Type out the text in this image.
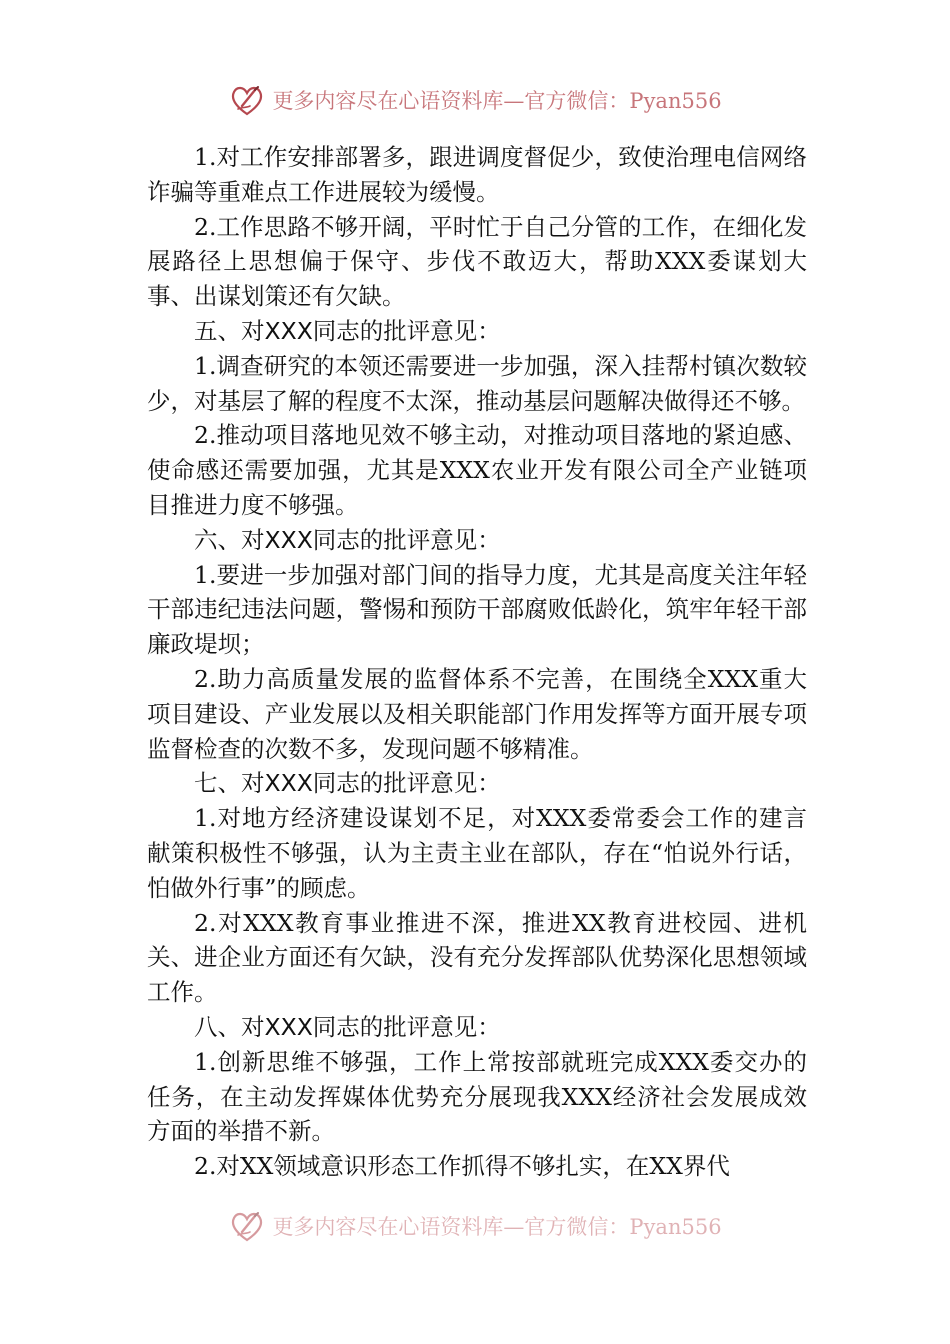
更多内容尽在心语资料库—官方微信：Pyan556

1.对工作安排部署多，跟进调度督促少，致使治理电信网络诈骗等重难点工作进展较为缓慢。

2.工作思路不够开阔，平时忙于自己分管的工作，在细化发展路径上思想偏于保守、步伐不敢迈大，帮助XXX委谋划大事、出谋划策还有欠缺。

五、对XXX同志的批评意见：

1.调查研究的本领还需要进一步加强，深入挂帮村镇次数较少，对基层了解的程度不太深，推动基层问题解决做得还不够。

2.推动项目落地见效不够主动，对推动项目落地的紧迫感、使命感还需要加强，尤其是XXX农业开发有限公司全产业链项目推进力度不够强。

六、对XXX同志的批评意见：

1.要进一步加强对部门间的指导力度，尤其是高度关注年轻干部违纪违法问题，警惕和预防干部腐败低龄化，筑牢年轻干部廉政堤坝；

2.助力高质量发展的监督体系不完善，在围绕全XXX重大项目建设、产业发展以及相关职能部门作用发挥等方面开展专项监督检查的次数不多，发现问题不够精准。

七、对XXX同志的批评意见：

1.对地方经济建设谋划不足，对XXX委常委会工作的建言献策积极性不够强，认为主责主业在部队，存在“怕说外行话，怕做外行事”的顾虑。

2.对XXX教育事业推进不深，推进XX教育进校园、进机关、进企业方面还有欠缺，没有充分发挥部队优势深化思想领域工作。

八、对XXX同志的批评意见：

1.创新思维不够强，工作上常按部就班完成XXX委交办的任务，在主动发挥媒体优势充分展现我XXX经济社会发展成效方面的举措不新。

2.对XX领域意识形态工作抓得不够扎实，在XX界代

更多内容尽在心语资料库—官方微信：Pyan556
